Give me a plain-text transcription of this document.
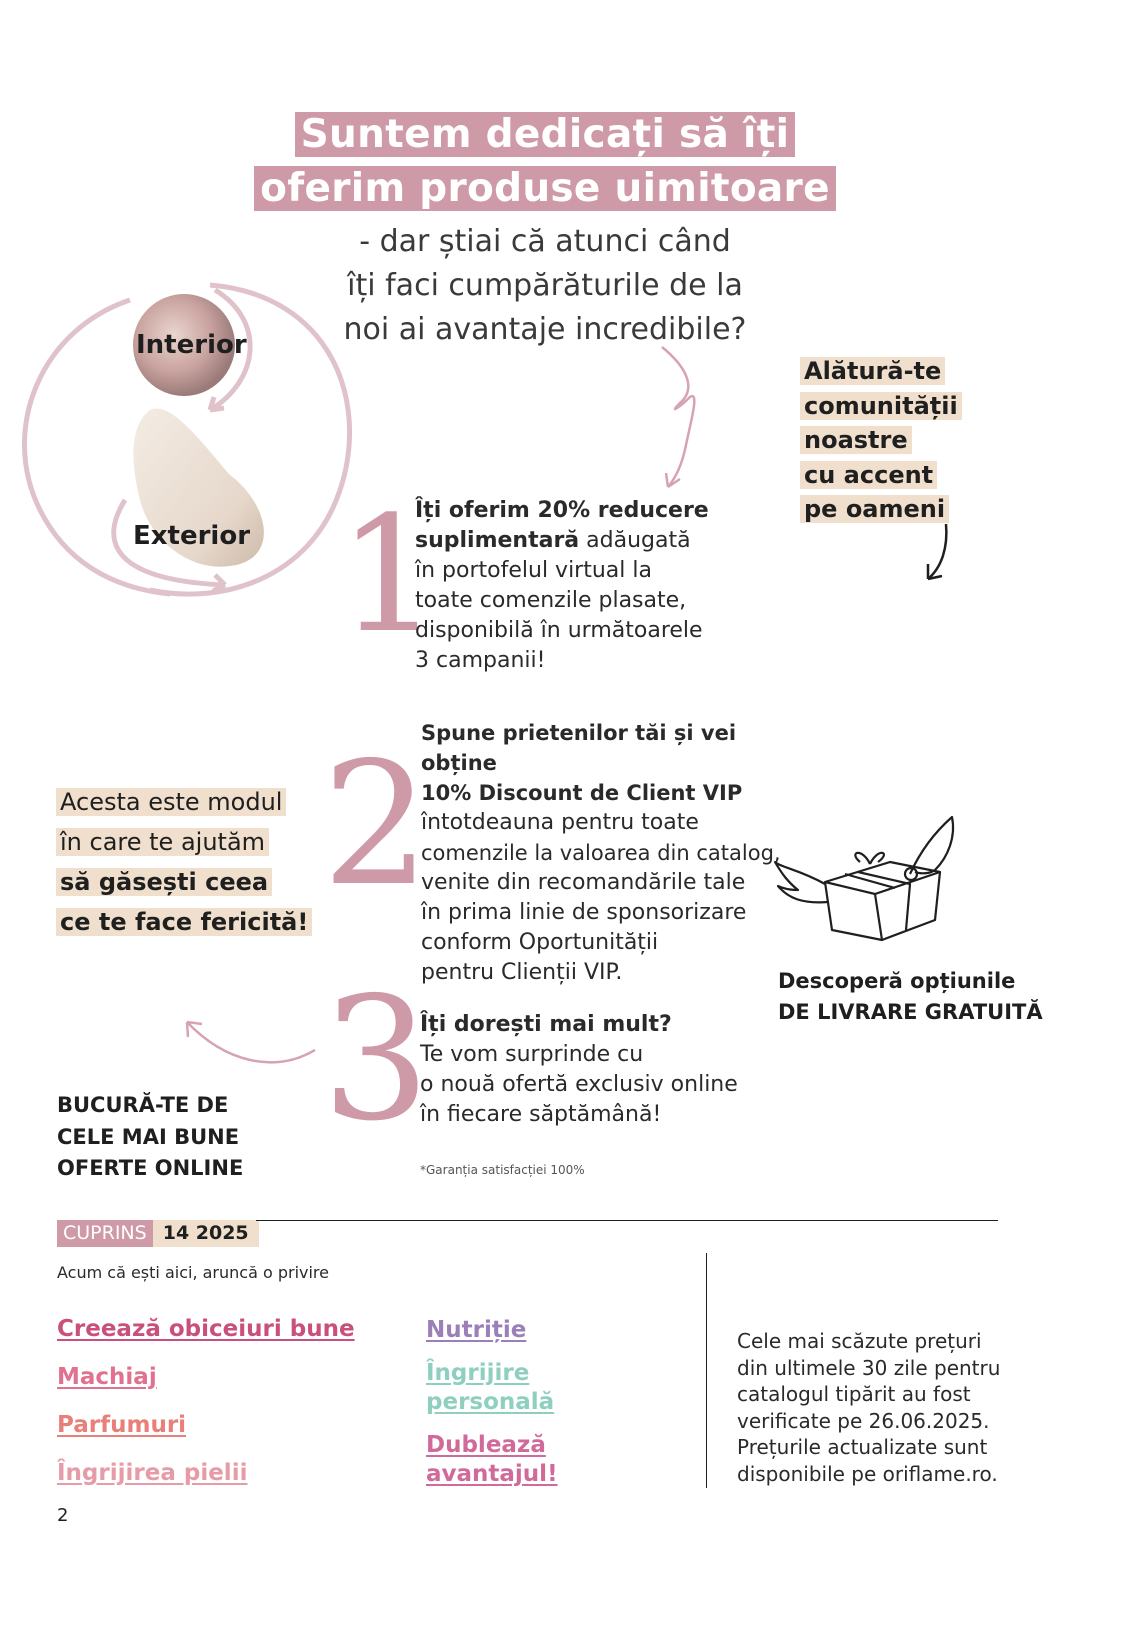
Suntem dedicați să îți
oferim produse uimitoare
- dar știai că atunci când
îți faci cumpărăturile de la
noi ai avantaje incredibile?
Interior
Exterior
Alătură-te
comunității
noastre
cu accent
pe oameni
1
Îți oferim 20% reducere
suplimentară adăugată
în portofelul virtual la
toate comenzile plasate,
disponibilă în următoarele
3 campanii!
Acesta este modul
în care te ajutăm
să găsești ceea
ce te face fericită! 2
Spune prietenilor tăi și vei obține
10% Discount de Client VIP
întotdeauna pentru toate
comenzile la valoarea din catalog,
venite din recomandările tale
în prima linie de sponsorizare
conform Oportunității
pentru Clienții VIP.	Descoperă opțiunile
DE LIVRARE GRATUITĂ
3
Îți dorești mai mult?
Te vom surprinde cu
o nouă ofertă exclusiv online
în fiecare săptămână!
BUCURĂ-TE DE
CELE MAI BUNE
OFERTE ONLINE	*Garanția satisfacției 100%
CUPRINS 14 2025
Acum că ești aici, aruncă o privire
Creează obiceiuri bune
Machiaj
Parfumuri
Îngrijirea pielii
Nutriție
Îngrijire
personală
Dublează
avantajul!
Cele mai scăzute prețuri
din ultimele 30 zile pentru
catalogul tipărit au fost
verificate pe 26.06.2025.
Prețurile actualizate sunt
disponibile pe oriflame.ro.
2
